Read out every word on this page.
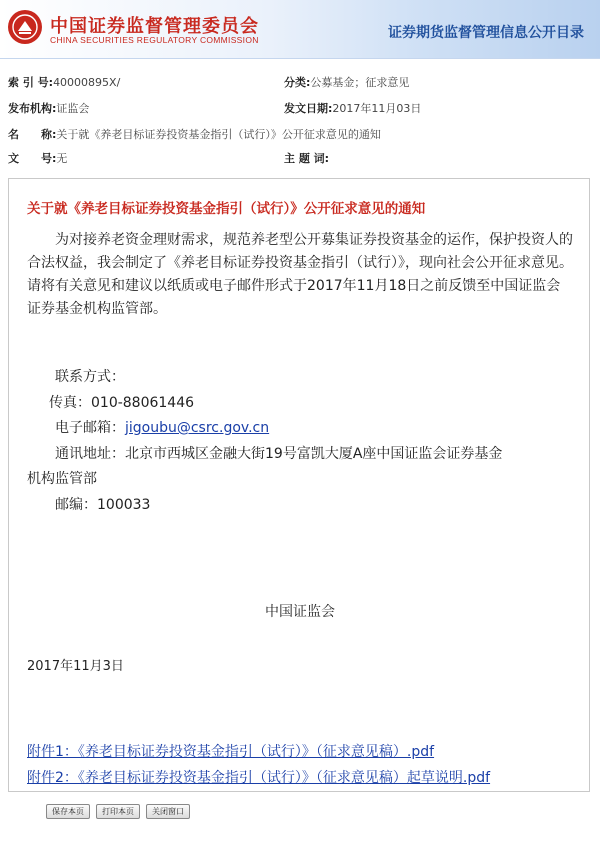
中国证券监督管理委员会
CHINA SECURITIES REGULATORY COMMISSION	证券期货监督管理信息公开目录
索 引 号:40000895X/	分类:公募基金；征求意见
发布机构:证监会	发文日期:2017年11月03日
名　　称:关于就《养老目标证券投资基金指引（试行）》公开征求意见的通知
文　　号:无	主 题 词:
关于就《养老目标证券投资基金指引（试行）》公开征求意见的通知
为对接养老资金理财需求，规范养老型公开募集证券投资基金的运作，保护投资人的合法权益，我会制定了《养老目标证券投资基金指引（试行）》，现向社会公开征求意见。请将有关意见和建议以纸质或电子邮件形式于2017年11月18日之前反馈至中国证监会证券基金机构监管部。
联系方式：
传真：010-88061446
电子邮箱：jigoubu@csrc.gov.cn
通讯地址：北京市西城区金融大街19号富凯大厦A座中国证监会证券基金
机构监管部
邮编：100033
中国证监会
2017年11月3日
附件1：《养老目标证券投资基金指引（试行）》（征求意见稿）.pdf
附件2：《养老目标证券投资基金指引（试行）》（征求意见稿）起草说明.pdf
保存本页	打印本页	关闭窗口
